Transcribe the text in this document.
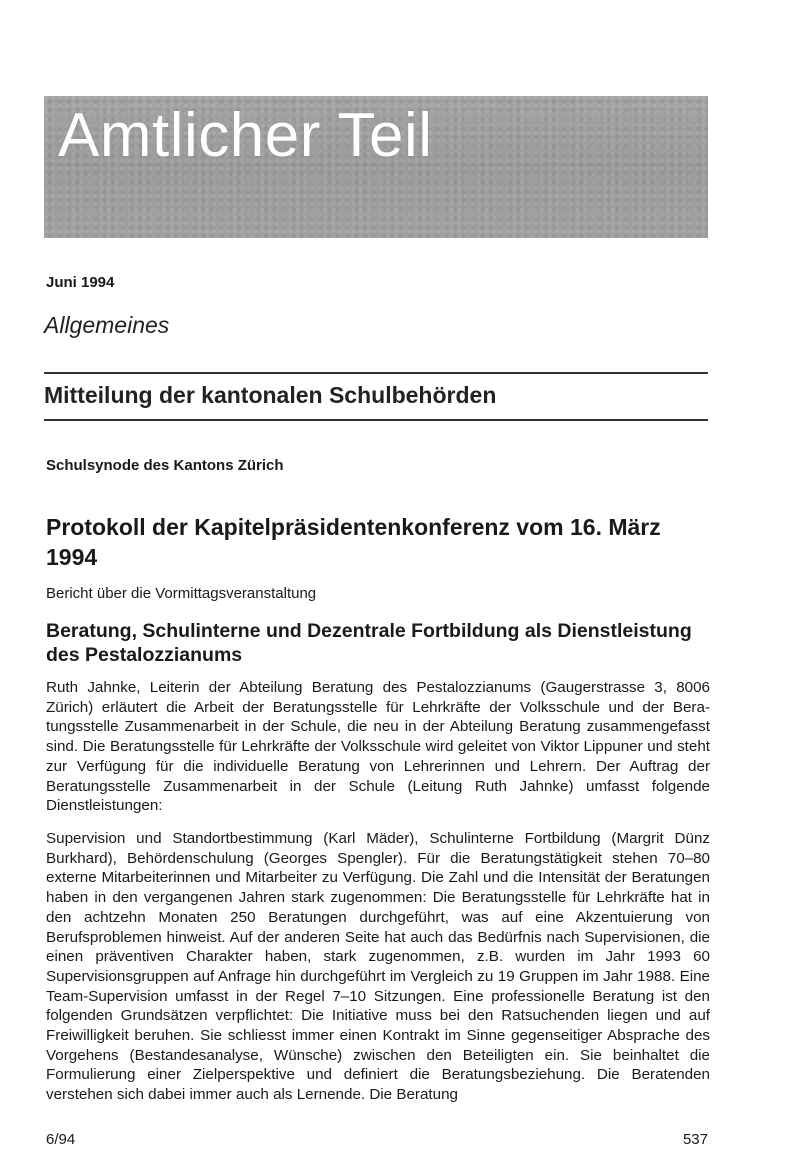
Amtlicher Teil
Juni 1994
Allgemeines
Mitteilung der kantonalen Schulbehörden
Schulsynode des Kantons Zürich
Protokoll der Kapitelpräsidentenkonferenz vom 16. März 1994
Bericht über die Vormittagsveranstaltung
Beratung, Schulinterne und Dezentrale Fortbildung als Dienstleistung des Pestalozzianums

Ruth Jahnke, Leiterin der Abteilung Beratung des Pestalozzianums (Gaugerstrasse 3, 8006 Zürich) erläutert die Arbeit der Beratungsstelle für Lehrkräfte der Volksschule und der Beratungsstelle Zusammenarbeit in der Schule, die neu in der Abteilung Beratung zusammengefasst sind. Die Beratungsstelle für Lehrkräfte der Volksschule wird geleitet von Viktor Lippuner und steht zur Verfügung für die individuelle Beratung von Lehrerinnen und Lehrern. Der Auftrag der Beratungsstelle Zusammenarbeit in der Schule (Leitung Ruth Jahnke) umfasst folgende Dienstleistungen:

Supervision und Standortbestimmung (Karl Mäder), Schulinterne Fortbildung (Margrit Dünz Burkhard), Behördenschulung (Georges Spengler). Für die Beratungstätigkeit stehen 70–80 externe Mitarbeiterinnen und Mitarbeiter zu Verfügung. Die Zahl und die Intensität der Beratungen haben in den vergangenen Jahren stark zugenommen: Die Beratungsstelle für Lehrkräfte hat in den achtzehn Monaten 250 Beratungen durchgeführt, was auf eine Akzentuierung von Berufsproblemen hinweist. Auf der anderen Seite hat auch das Bedürfnis nach Supervisionen, die einen präventiven Charakter haben, stark zugenommen, z.B. wurden im Jahr 1993 60 Supervisionsgruppen auf Anfrage hin durchgeführt im Vergleich zu 19 Gruppen im Jahr 1988. Eine Team-Supervision umfasst in der Regel 7–10 Sitzungen. Eine professionelle Beratung ist den folgenden Grundsätzen verpflichtet: Die Initiative muss bei den Ratsuchenden liegen und auf Freiwilligkeit beruhen. Sie schliesst immer einen Kontrakt im Sinne gegenseitiger Absprache des Vorgehens (Bestandesanalyse, Wünsche) zwischen den Beteiligten ein. Sie beinhaltet die Formulierung einer Zielperspektive und definiert die Beratungsbeziehung. Die Beratenden verstehen sich dabei immer auch als Lernende. Die Beratung

6/94	537
